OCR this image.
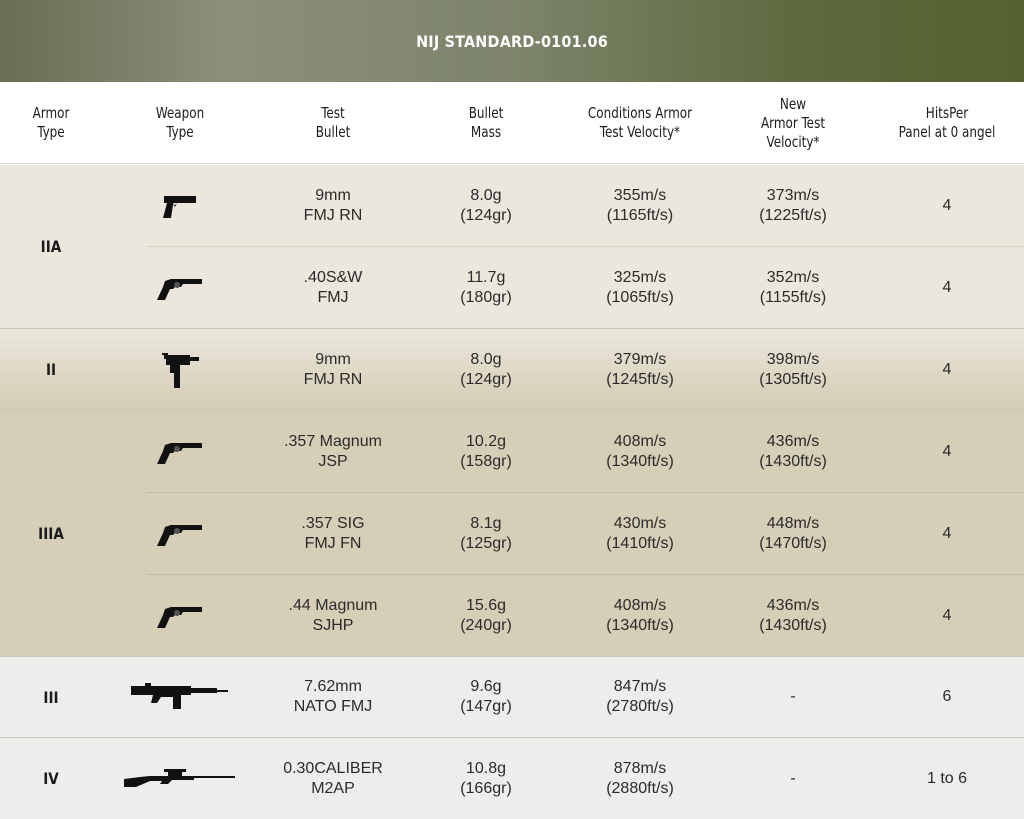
NIJ STANDARD-0101.06
Armor
Type
Weapon
Type
Test
Bullet
Bullet
Mass
Conditions Armor
Test Velocity*
New
Armor Test
Velocity*
HitsPer
Panel at 0 angel
IIA
II
IIIA
III
IV
9mm
FMJ RN
8.0g
(124gr)
355m/s
(1165ft/s)
373m/s
(1225ft/s)
4
.40S&W
FMJ
11.7g
(180gr)
325m/s
(1065ft/s)
352m/s
(1155ft/s)
4
9mm
FMJ RN
8.0g
(124gr)
379m/s
(1245ft/s)
398m/s
(1305ft/s)
4
.357 Magnum
JSP
10.2g
(158gr)
408m/s
(1340ft/s)
436m/s
(1430ft/s)
4
.357 SIG
FMJ FN
8.1g
(125gr)
430m/s
(1410ft/s)
448m/s
(1470ft/s)
4
.44 Magnum
SJHP
15.6g
(240gr)
408m/s
(1340ft/s)
436m/s
(1430ft/s)
4
7.62mm
NATO FMJ
9.6g
(147gr)
847m/s
(2780ft/s)
-	6
0.30CALIBER
M2AP
10.8g
(166gr)
878m/s
(2880ft/s)
-	1 to 6
